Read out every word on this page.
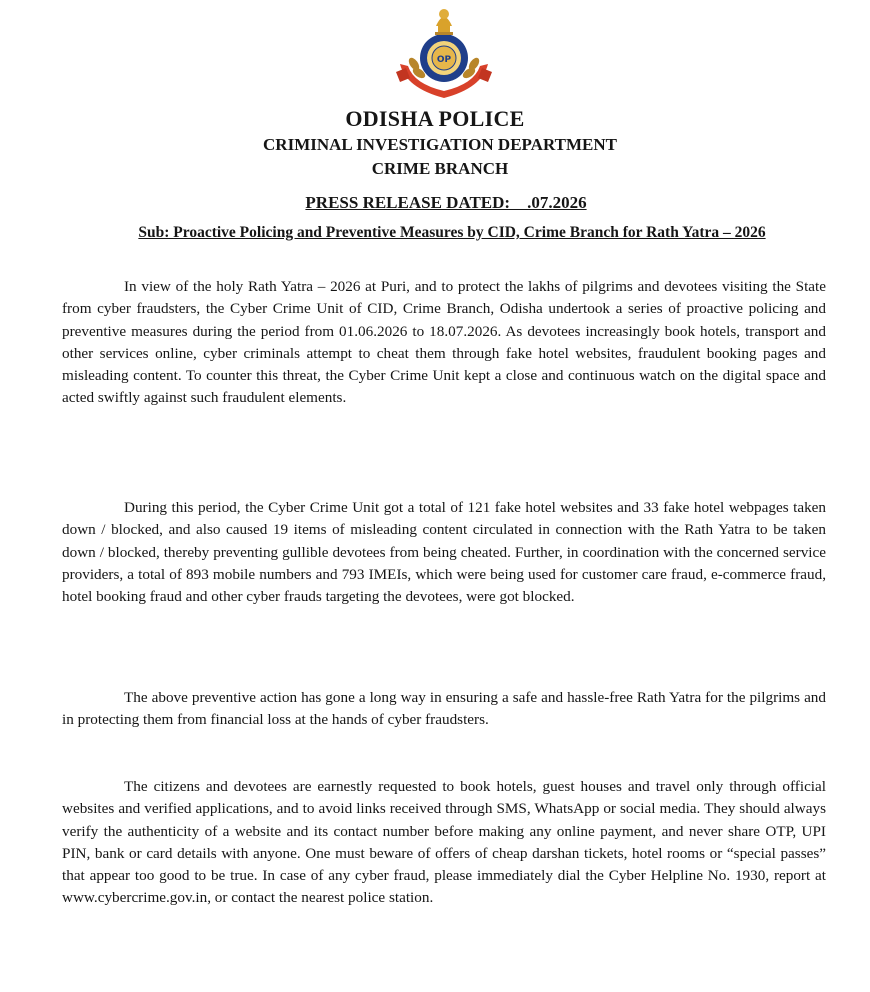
OP
ODISHA POLICE
CRIMINAL INVESTIGATION DEPARTMENT
CRIME BRANCH
PRESS RELEASE DATED:    .07.2026
Sub: Proactive Policing and Preventive Measures by CID, Crime Branch for Rath Yatra – 2026

In view of the holy Rath Yatra – 2026 at Puri, and to protect the lakhs of pilgrims and devotees visiting the State from cyber fraudsters, the Cyber Crime Unit of CID, Crime Branch, Odisha undertook a series of proactive policing and preventive measures during the period from 01.06.2026 to 18.07.2026. As devotees increasingly book hotels, transport and other services online, cyber criminals attempt to cheat them through fake hotel websites, fraudulent booking pages and misleading content. To counter this threat, the Cyber Crime Unit kept a close and continuous watch on the digital space and acted swiftly against such fraudulent elements.

During this period, the Cyber Crime Unit got a total of 121 fake hotel websites and 33 fake hotel webpages taken down / blocked, and also caused 19 items of misleading content circulated in connection with the Rath Yatra to be taken down / blocked, thereby preventing gullible devotees from being cheated. Further, in coordination with the concerned service providers, a total of 893 mobile numbers and 793 IMEIs, which were being used for customer care fraud, e-commerce fraud, hotel booking fraud and other cyber frauds targeting the devotees, were got blocked.

The above preventive action has gone a long way in ensuring a safe and hassle-free Rath Yatra for the pilgrims and in protecting them from financial loss at the hands of cyber fraudsters.

The citizens and devotees are earnestly requested to book hotels, guest houses and travel only through official websites and verified applications, and to avoid links received through SMS, WhatsApp or social media. They should always verify the authenticity of a website and its contact number before making any online payment, and never share OTP, UPI PIN, bank or card details with anyone. One must beware of offers of cheap darshan tickets, hotel rooms or “special passes” that appear too good to be true. In case of any cyber fraud, please immediately dial the Cyber Helpline No. 1930, report at www.cybercrime.gov.in, or contact the nearest police station.
